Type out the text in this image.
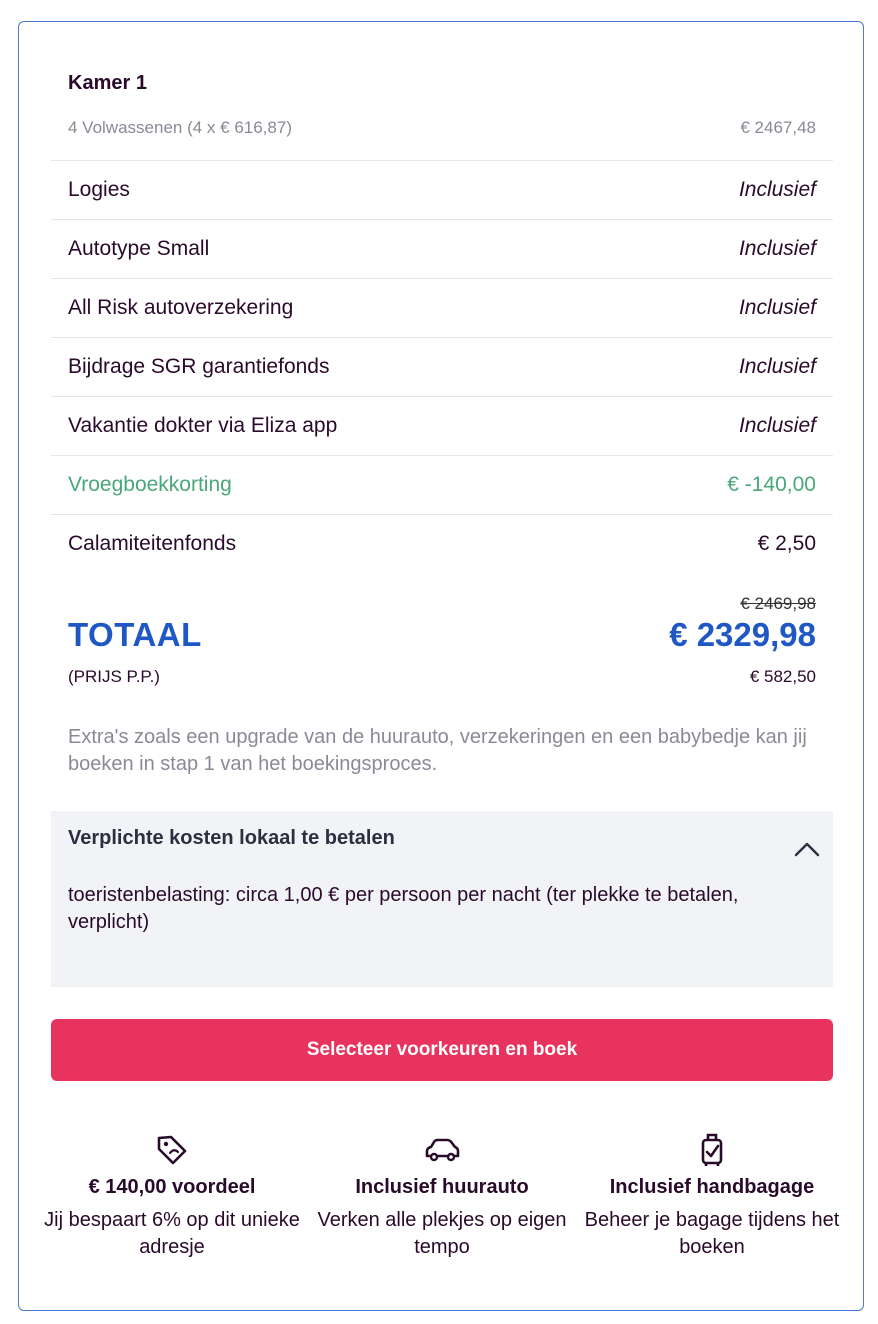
Kamer 1
4 Volwassenen (4 x € 616,87)	€ 2467,48
Logies	Inclusief
Autotype Small	Inclusief
All Risk autoverzekering	Inclusief
Bijdrage SGR garantiefonds	Inclusief
Vakantie dokter via Eliza app	Inclusief
Vroegboekkorting	€ -140,00
Calamiteitenfonds	€ 2,50
€ 2469,98
TOTAAL	€ 2329,98
(PRIJS P.P.)	€ 582,50
Extra's zoals een upgrade van de huurauto, verzekeringen en een babybedje kan jij boeken in stap 1 van het boekingsproces.
Verplichte kosten lokaal te betalen
toeristenbelasting: circa 1,00 € per persoon per nacht (ter plekke te betalen, verplicht)
Selecteer voorkeuren en boek
€ 140,00 voordeel
Jij bespaart 6% op dit unieke adresje
Inclusief huurauto
Verken alle plekjes op eigen tempo
Inclusief handbagage
Beheer je bagage tijdens het boeken
